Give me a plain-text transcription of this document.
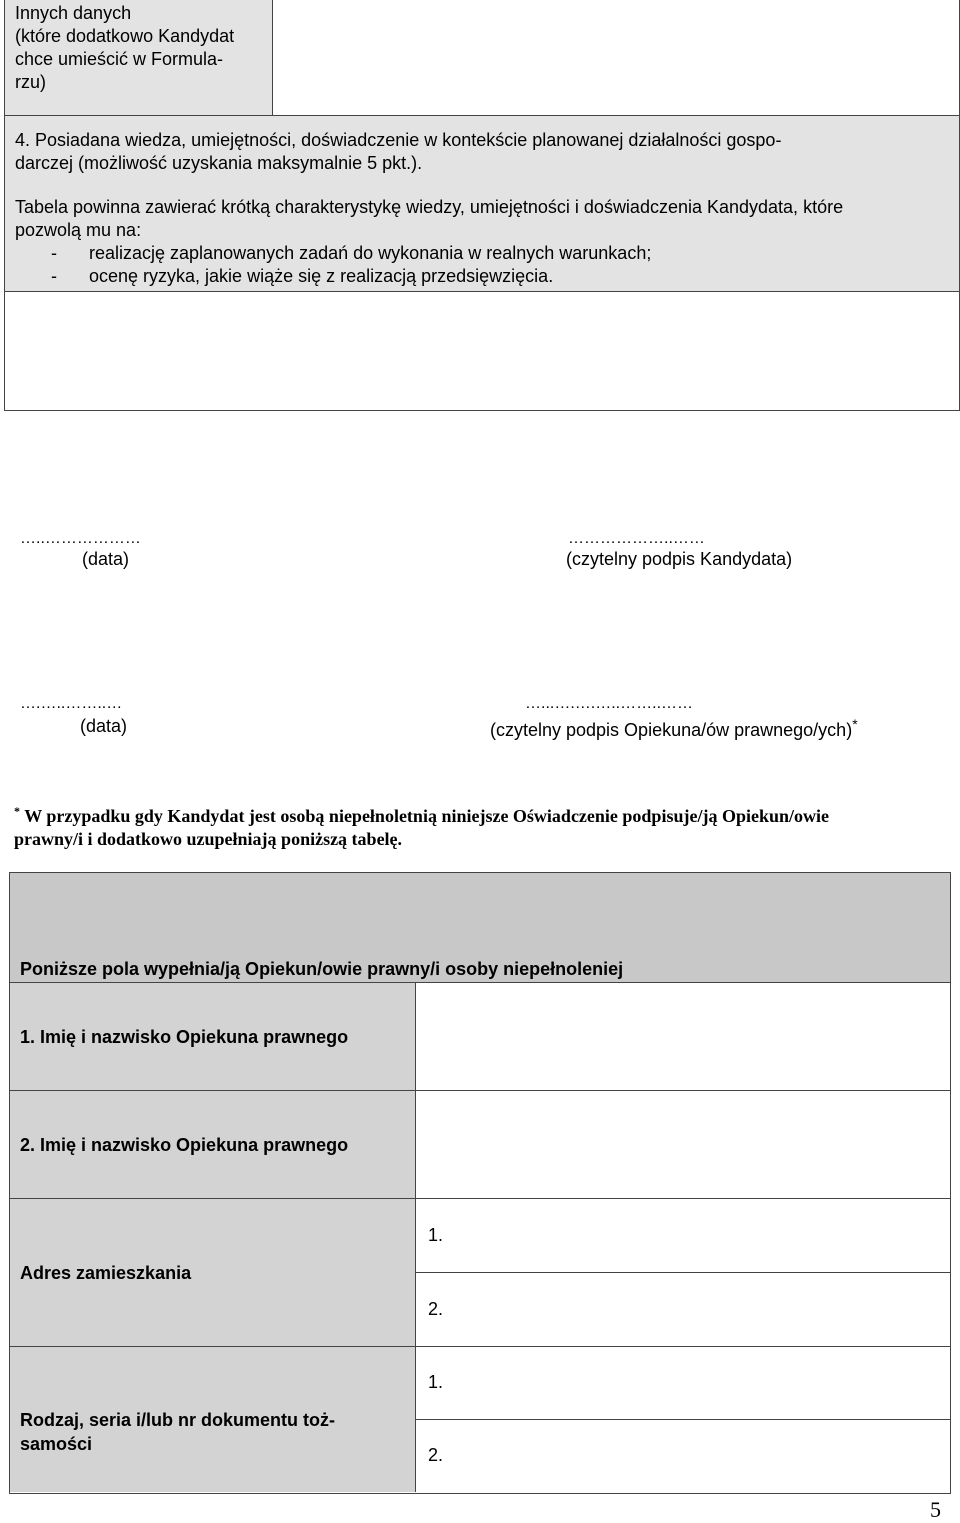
Innych danych
(które dodatkowo Kandydat
chce umieścić w Formula-
rzu)
4. Posiadana wiedza, umiejętności, doświadczenie w kontekście planowanej działalności gospo-
darczej (możliwość uzyskania maksymalnie 5 pkt.).
Tabela powinna zawierać krótką charakterystykę wiedzy, umiejętności i doświadczenia Kandydata, które
pozwolą mu na:
- realizację zaplanowanych zadań do wykonania w realnych warunkach;
- ocenę ryzyka, jakie wiąże się z realizacją przedsięwzięcia.
…..………………
(data)
………………..……
(czytelny podpis Kandydata)
….…..……..…
(data)
…...….….…..……..……
(czytelny podpis Opiekuna/ów prawnego/ych)*
* W przypadku gdy Kandydat jest osobą niepełnoletnią niniejsze Oświadczenie podpisuje/ją Opiekun/owie
prawny/i i dodatkowo uzupełniają poniższą tabelę.
Poniższe pola wypełnia/ją Opiekun/owie prawny/i osoby niepełnoleniej
1. Imię i nazwisko Opiekuna prawnego
2. Imię i nazwisko Opiekuna prawnego
Adres zamieszkania
1.
2.
Rodzaj, seria i/lub nr dokumentu toż-
samości
1.
2.
5
